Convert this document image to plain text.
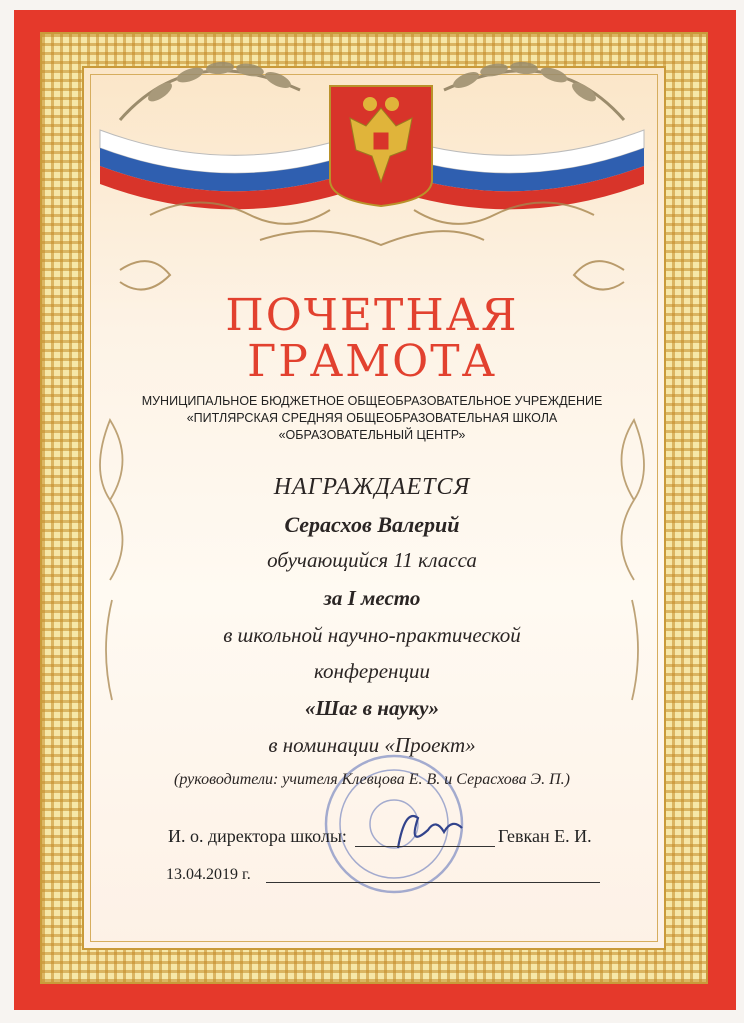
ПОЧЕТНАЯ
ГРАМОТА
МУНИЦИПАЛЬНОЕ БЮДЖЕТНОЕ ОБЩЕОБРАЗОВАТЕЛЬНОЕ УЧРЕЖДЕНИЕ
«ПИТЛЯРСКАЯ СРЕДНЯЯ ОБЩЕОБРАЗОВАТЕЛЬНАЯ ШКОЛА
«ОБРАЗОВАТЕЛЬНЫЙ ЦЕНТР»
НАГРАЖДАЕТСЯ
Серасхов Валерий
обучающийся 11 класса
за I место
в школьной научно-практической
конференции
«Шаг в науку»
в номинации «Проект»
(руководители: учителя Клевцова Е. В. и Серасхова Э. П.)
И. о. директора школы:	Гевкан Е. И.
13.04.2019 г.
